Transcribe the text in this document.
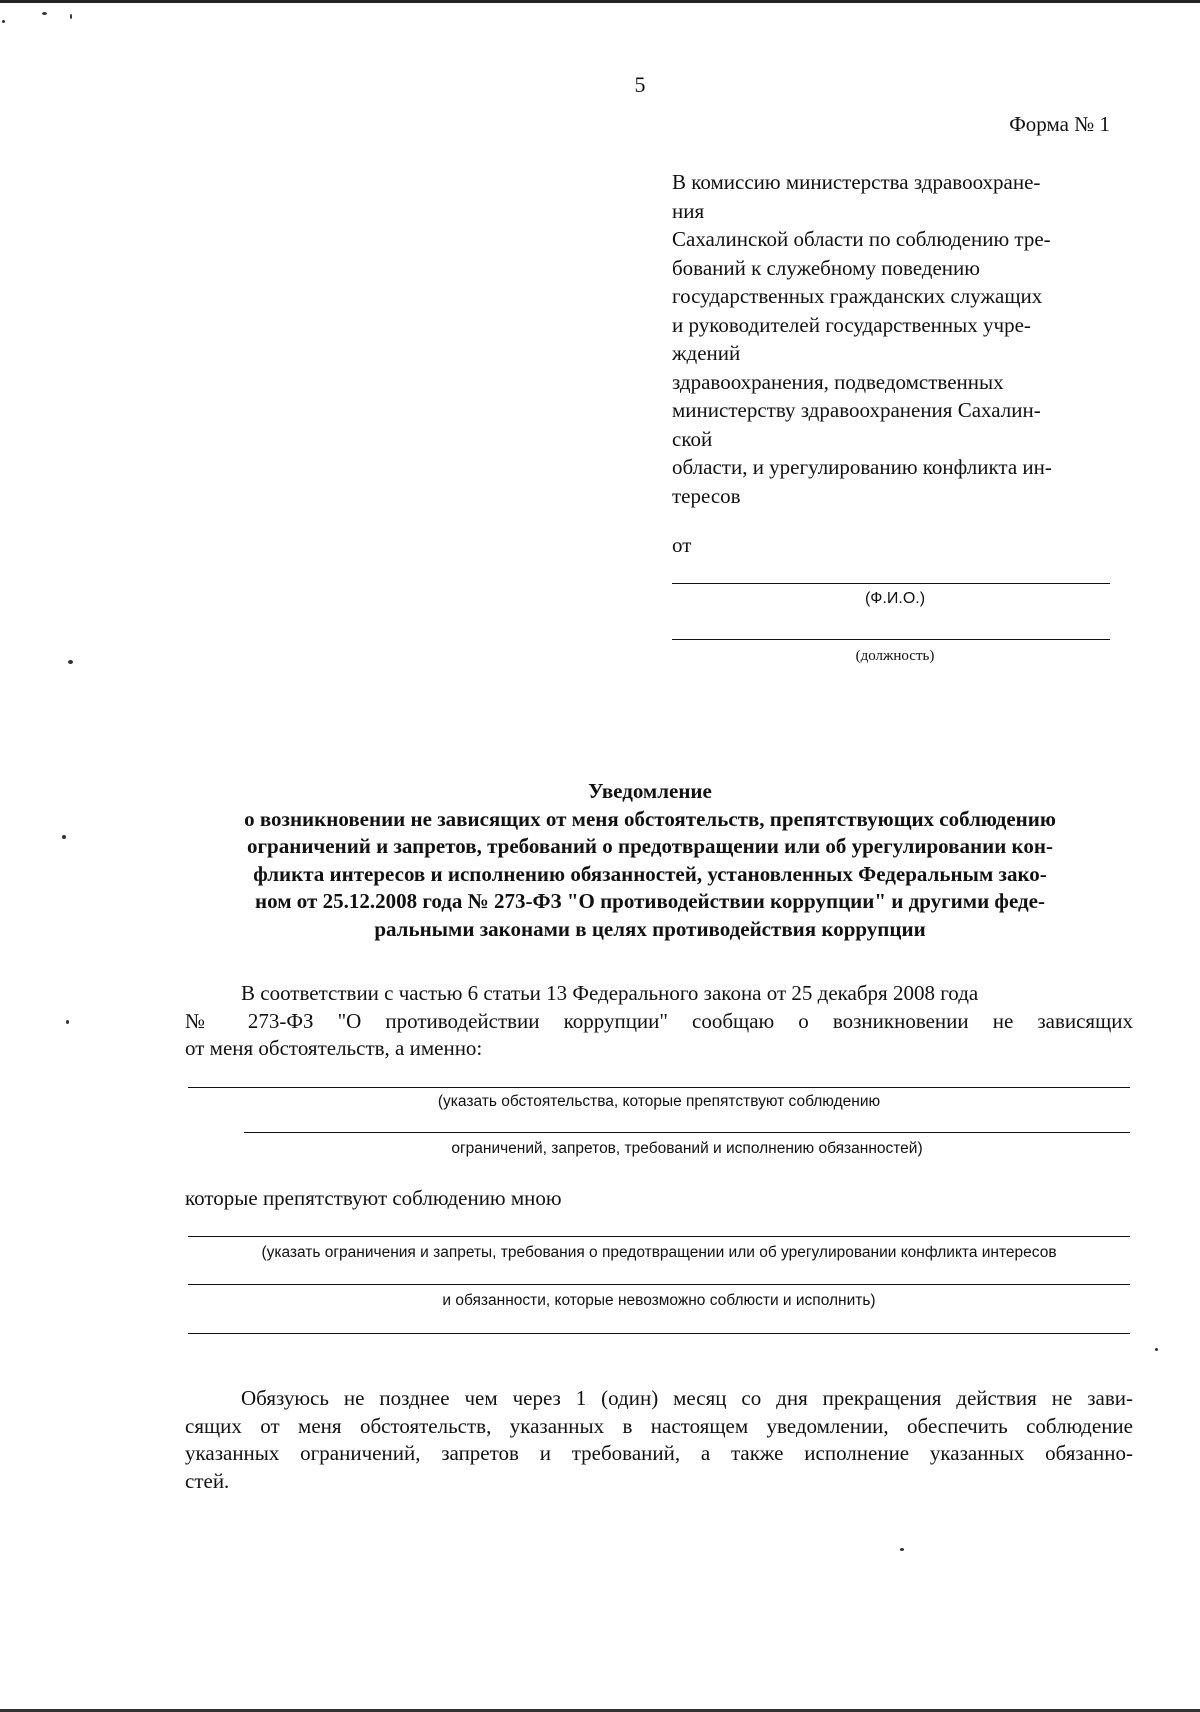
5
Форма № 1
В комиссию министерства здравоохране-
ния
Сахалинской области по соблюдению тре-
бований к служебному поведению
государственных гражданских служащих
и руководителей государственных учре-
ждений
здравоохранения, подведомственных
министерству здравоохранения Сахалин-
ской
области, и урегулированию конфликта ин-
тересов
от
(Ф.И.О.)
(должность)
Уведомление
о возникновении не зависящих от меня обстоятельств, препятствующих соблюдению
ограничений и запретов, требований о предотвращении или об урегулировании кон-
фликта интересов и исполнению обязанностей, установленных Федеральным зако-
ном от 25.12.2008 года № 273-ФЗ "О противодействии коррупции" и другими феде-
ральными законами в целях противодействия коррупции
В соответствии с частью 6 статьи 13 Федерального закона от 25 декабря 2008 года
№ 273-ФЗ "О противодействии коррупции" сообщаю о возникновении не зависящих
от меня обстоятельств, а именно:
(указать обстоятельства, которые препятствуют соблюдению
ограничений, запретов, требований и исполнению обязанностей)
которые препятствуют соблюдению мною
(указать ограничения и запреты, требования о предотвращении или об урегулировании конфликта интересов
и обязанности, которые невозможно соблюсти и исполнить)
Обязуюсь не позднее чем через 1 (один) месяц со дня прекращения действия не зави-
сящих от меня обстоятельств, указанных в настоящем уведомлении, обеспечить соблюдение
указанных ограничений, запретов и требований, а также исполнение указанных обязанно-
стей.
